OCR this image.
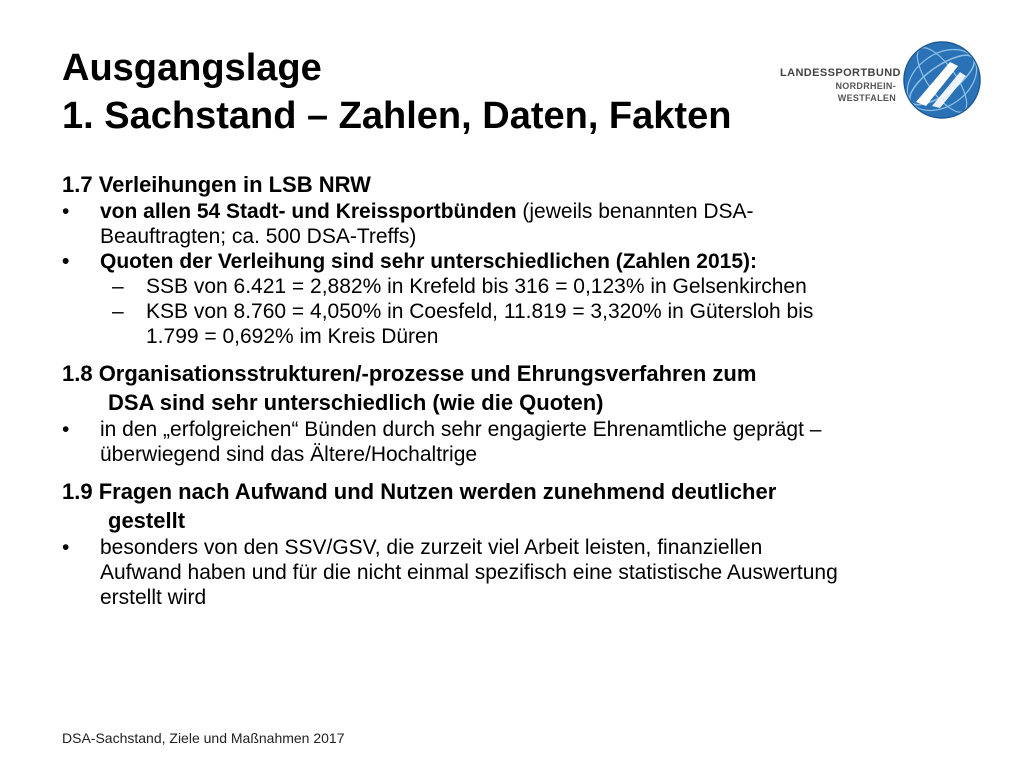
Ausgangslage
1. Sachstand – Zahlen, Daten, Fakten
LANDESSPORTBUND
NORDRHEIN-WESTFALEN
1.7 Verleihungen in LSB NRW
•	von allen 54 Stadt- und Kreissportbünden (jeweils benannten DSA-
Beauftragten; ca. 500 DSA-Treffs)
•	Quoten der Verleihung sind sehr unterschiedlichen (Zahlen 2015):
– SSB von 6.421 = 2,882% in Krefeld bis 316 = 0,123% in Gelsenkirchen
– KSB von 8.760 = 4,050% in Coesfeld, 11.819 = 3,320% in Gütersloh bis
1.799 = 0,692% im Kreis Düren
1.8 Organisationsstrukturen/-prozesse und Ehrungsverfahren zum
DSA sind sehr unterschiedlich (wie die Quoten)
•	in den „erfolgreichen“ Bünden durch sehr engagierte Ehrenamtliche geprägt –
überwiegend sind das Ältere/Hochaltrige
1.9 Fragen nach Aufwand und Nutzen werden zunehmend deutlicher
gestellt
•	besonders von den SSV/GSV, die zurzeit viel Arbeit leisten, finanziellen
Aufwand haben und für die nicht einmal spezifisch eine statistische Auswertung
erstellt wird
DSA-Sachstand, Ziele und Maßnahmen 2017
